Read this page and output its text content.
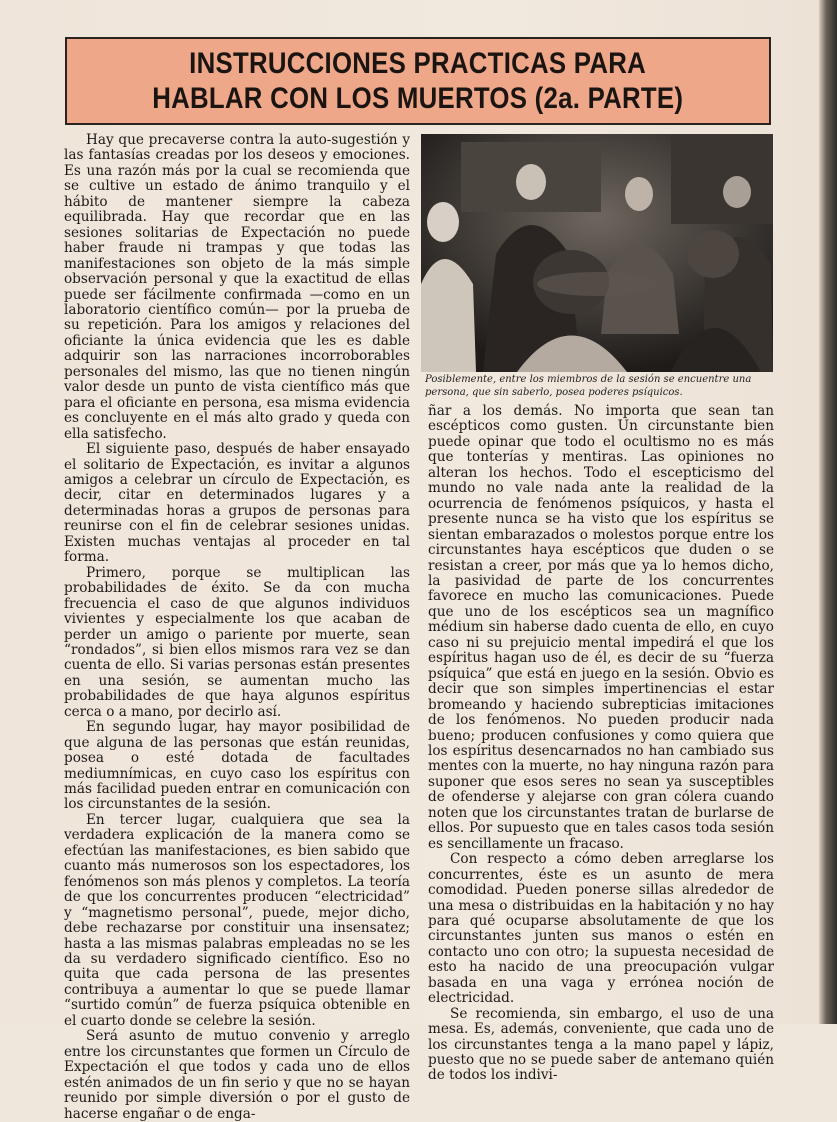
INSTRUCCIONES PRACTICAS PARA
HABLAR CON LOS MUERTOS (2a. PARTE)

Hay que precaverse contra la auto-sugestión y las fantasías creadas por los deseos y emociones. Es una razón más por la cual se recomienda que se cultive un estado de ánimo tranquilo y el hábito de mantener siempre la cabeza equilibrada. Hay que recordar que en las sesiones solitarias de Expectación no puede haber fraude ni trampas y que todas las manifestaciones son objeto de la más simple observación personal y que la exactitud de ellas puede ser fácilmente confirmada —como en un laboratorio científico común— por la prueba de su repetición. Para los amigos y relaciones del oficiante la única evidencia que les es dable adquirir son las narraciones incorroborables personales del mismo, las que no tienen ningún valor desde un punto de vista científico más que para el oficiante en persona, esa misma evidencia es concluyente en el más alto grado y queda con ella satisfecho.

El siguiente paso, después de haber ensayado el solitario de Expectación, es invitar a algunos amigos a celebrar un círculo de Expectación, es decir, citar en determinados lugares y a determinadas horas a grupos de personas para reunirse con el fin de celebrar sesiones unidas. Existen muchas ventajas al proceder en tal forma.

Primero, porque se multiplican las probabilidades de éxito. Se da con mucha frecuencia el caso de que algunos individuos vivientes y especialmente los que acaban de perder un amigo o pariente por muerte, sean “rondados”, si bien ellos mismos rara vez se dan cuenta de ello. Si varias personas están presentes en una sesión, se aumentan mucho las probabilidades de que haya algunos espíritus cerca o a mano, por decirlo así.

En segundo lugar, hay mayor posibilidad de que alguna de las personas que están reunidas, posea o esté dotada de facultades mediumnímicas, en cuyo caso los espíritus con más facilidad pueden entrar en comunicación con los circunstantes de la sesión.

En tercer lugar, cualquiera que sea la verdadera explicación de la manera como se efectúan las manifestaciones, es bien sabido que cuanto más numerosos son los espectadores, los fenómenos son más plenos y completos. La teoría de que los concurrentes producen “electricidad” y “magnetismo personal”, puede, mejor dicho, debe rechazarse por constituir una insensatez; hasta a las mismas palabras empleadas no se les da su verdadero significado científico. Eso no quita que cada persona de las presentes contribuya a aumentar lo que se puede llamar “surtido común” de fuerza psíquica obtenible en el cuarto donde se celebre la sesión.

Será asunto de mutuo convenio y arreglo entre los circunstantes que formen un Círculo de Expectación el que todos y cada uno de ellos estén animados de un fin serio y que no se hayan reunido por simple diversión o por el gusto de hacerse engañar o de enga-

Posiblemente, entre los miembros de la sesión se encuentre una persona, que sin saberlo, posea poderes psíquicos.

ñar a los demás. No importa que sean tan escépticos como gusten. Un circunstante bien puede opinar que todo el ocultismo no es más que tonterías y mentiras. Las opiniones no alteran los hechos. Todo el escepticismo del mundo no vale nada ante la realidad de la ocurrencia de fenómenos psíquicos, y hasta el presente nunca se ha visto que los espíritus se sientan embarazados o molestos porque entre los circunstantes haya escépticos que duden o se resistan a creer, por más que ya lo hemos dicho, la pasividad de parte de los concurrentes favorece en mucho las comunicaciones. Puede que uno de los escépticos sea un magnífico médium sin haberse dado cuenta de ello, en cuyo caso ni su prejuicio mental impedirá el que los espíritus hagan uso de él, es decir de su “fuerza psíquica” que está en juego en la sesión. Obvio es decir que son simples impertinencias el estar bromeando y haciendo subrepticias imitaciones de los fenómenos. No pueden producir nada bueno; producen confusiones y como quiera que los espíritus desencarnados no han cambiado sus mentes con la muerte, no hay ninguna razón para suponer que esos seres no sean ya susceptibles de ofenderse y alejarse con gran cólera cuando noten que los circunstantes tratan de burlarse de ellos. Por supuesto que en tales casos toda sesión es sencillamente un fracaso.

Con respecto a cómo deben arreglarse los concurrentes, éste es un asunto de mera comodidad. Pueden ponerse sillas alrededor de una mesa o distribuidas en la habitación y no hay para qué ocuparse absolutamente de que los circunstantes junten sus manos o estén en contacto uno con otro; la supuesta necesidad de esto ha nacido de una preocupación vulgar basada en una vaga y errónea noción de electricidad.

Se recomienda, sin embargo, el uso de una mesa. Es, además, conveniente, que cada uno de los circunstantes tenga a la mano papel y lápiz, puesto que no se puede saber de antemano quién de todos los indivi-
